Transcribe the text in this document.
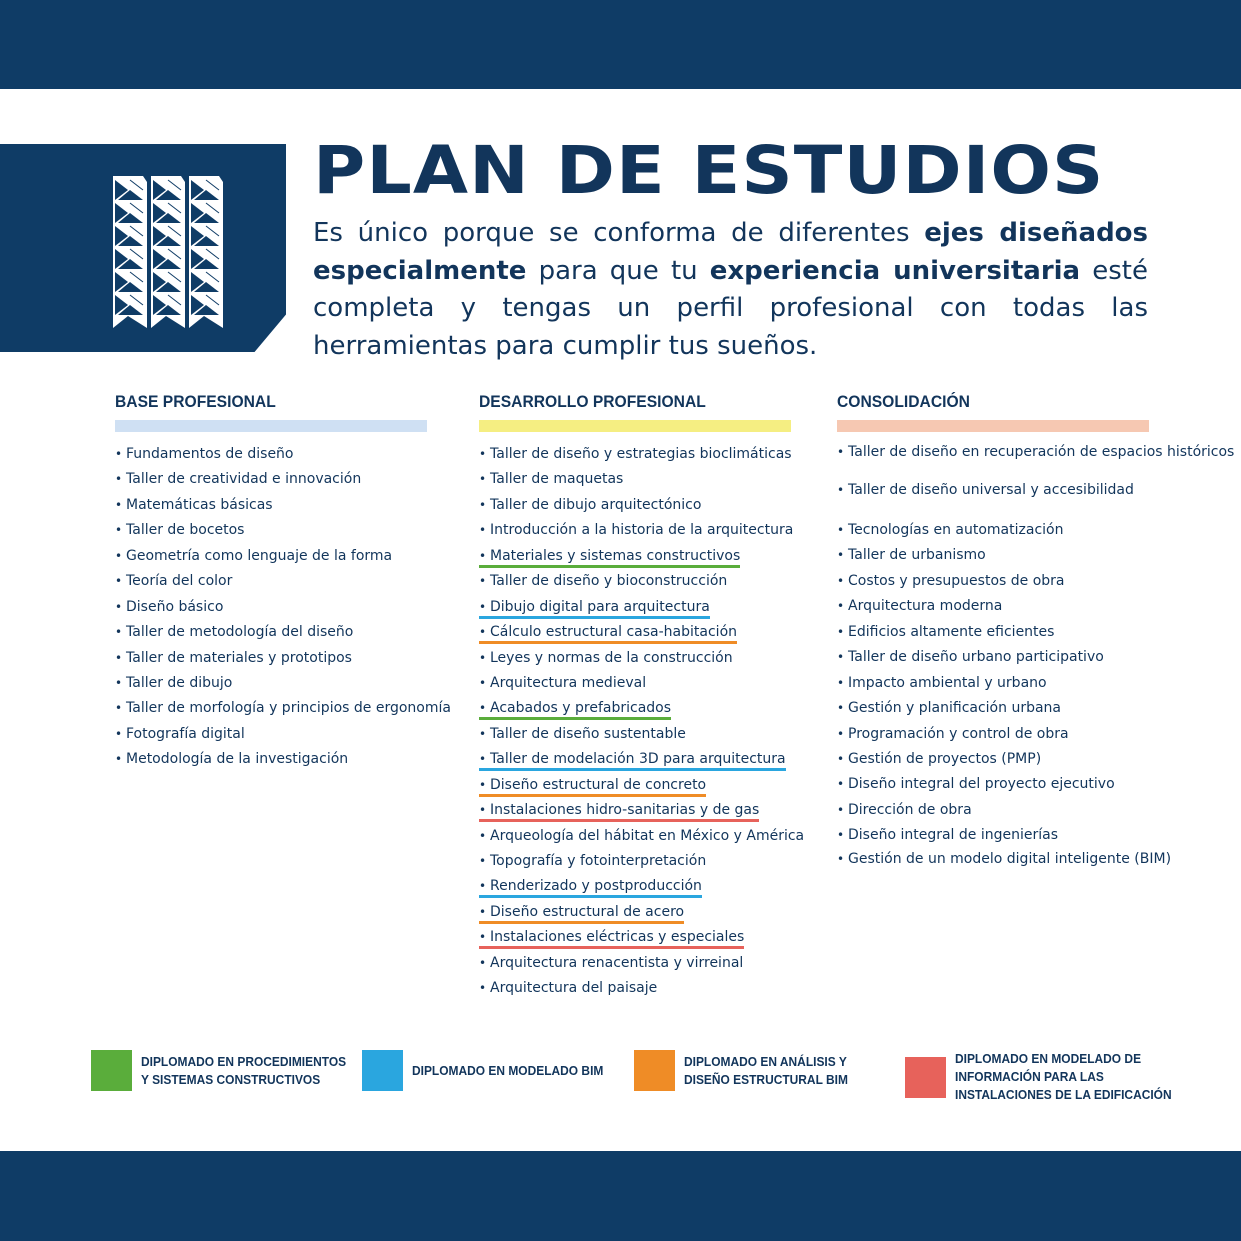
PLAN DE ESTUDIOS
Es único porque se conforma de diferentes ejes diseñados especialmente para que tu experiencia universitaria esté completa y tengas un perfil profesional con todas las herramientas para cumplir tus sueños.
BASE PROFESIONAL
• Fundamentos de diseño
• Taller de creatividad e innovación
• Matemáticas básicas
• Taller de bocetos
• Geometría como lenguaje de la forma
• Teoría del color
• Diseño básico
• Taller de metodología del diseño
• Taller de materiales y prototipos
• Taller de dibujo
• Taller de morfología y principios de ergonomía
• Fotografía digital
• Metodología de la investigación
DESARROLLO PROFESIONAL
• Taller de diseño y estrategias bioclimáticas
• Taller de maquetas
• Taller de dibujo arquitectónico
• Introducción a la historia de la arquitectura
• Materiales y sistemas constructivos
• Taller de diseño y bioconstrucción
• Dibujo digital para arquitectura
• Cálculo estructural casa-habitación
• Leyes y normas de la construcción
• Arquitectura medieval
• Acabados y prefabricados
• Taller de diseño sustentable
• Taller de modelación 3D para arquitectura
• Diseño estructural de concreto
• Instalaciones hidro-sanitarias y de gas
• Arqueología del hábitat en México y América
• Topografía y fotointerpretación
• Renderizado y postproducción
• Diseño estructural de acero
• Instalaciones eléctricas y especiales
• Arquitectura renacentista y virreinal
• Arquitectura del paisaje
CONSOLIDACIÓN
• Taller de diseño en recuperación de espacios históricos
• Taller de diseño universal y accesibilidad
• Tecnologías en automatización
• Taller de urbanismo
• Costos y presupuestos de obra
• Arquitectura moderna
• Edificios altamente eficientes
• Taller de diseño urbano participativo
• Impacto ambiental y urbano
• Gestión y planificación urbana
• Programación y control de obra
• Gestión de proyectos (PMP)
• Diseño integral del proyecto ejecutivo
• Dirección de obra
• Diseño integral de ingenierías
• Gestión de un modelo digital inteligente (BIM)
DIPLOMADO EN PROCEDIMIENTOS
Y SISTEMAS CONSTRUCTIVOS
DIPLOMADO EN MODELADO BIM
DIPLOMADO EN ANÁLISIS Y
DISEÑO ESTRUCTURAL BIM
DIPLOMADO EN MODELADO DE
INFORMACIÓN PARA LAS
INSTALACIONES DE LA EDIFICACIÓN
